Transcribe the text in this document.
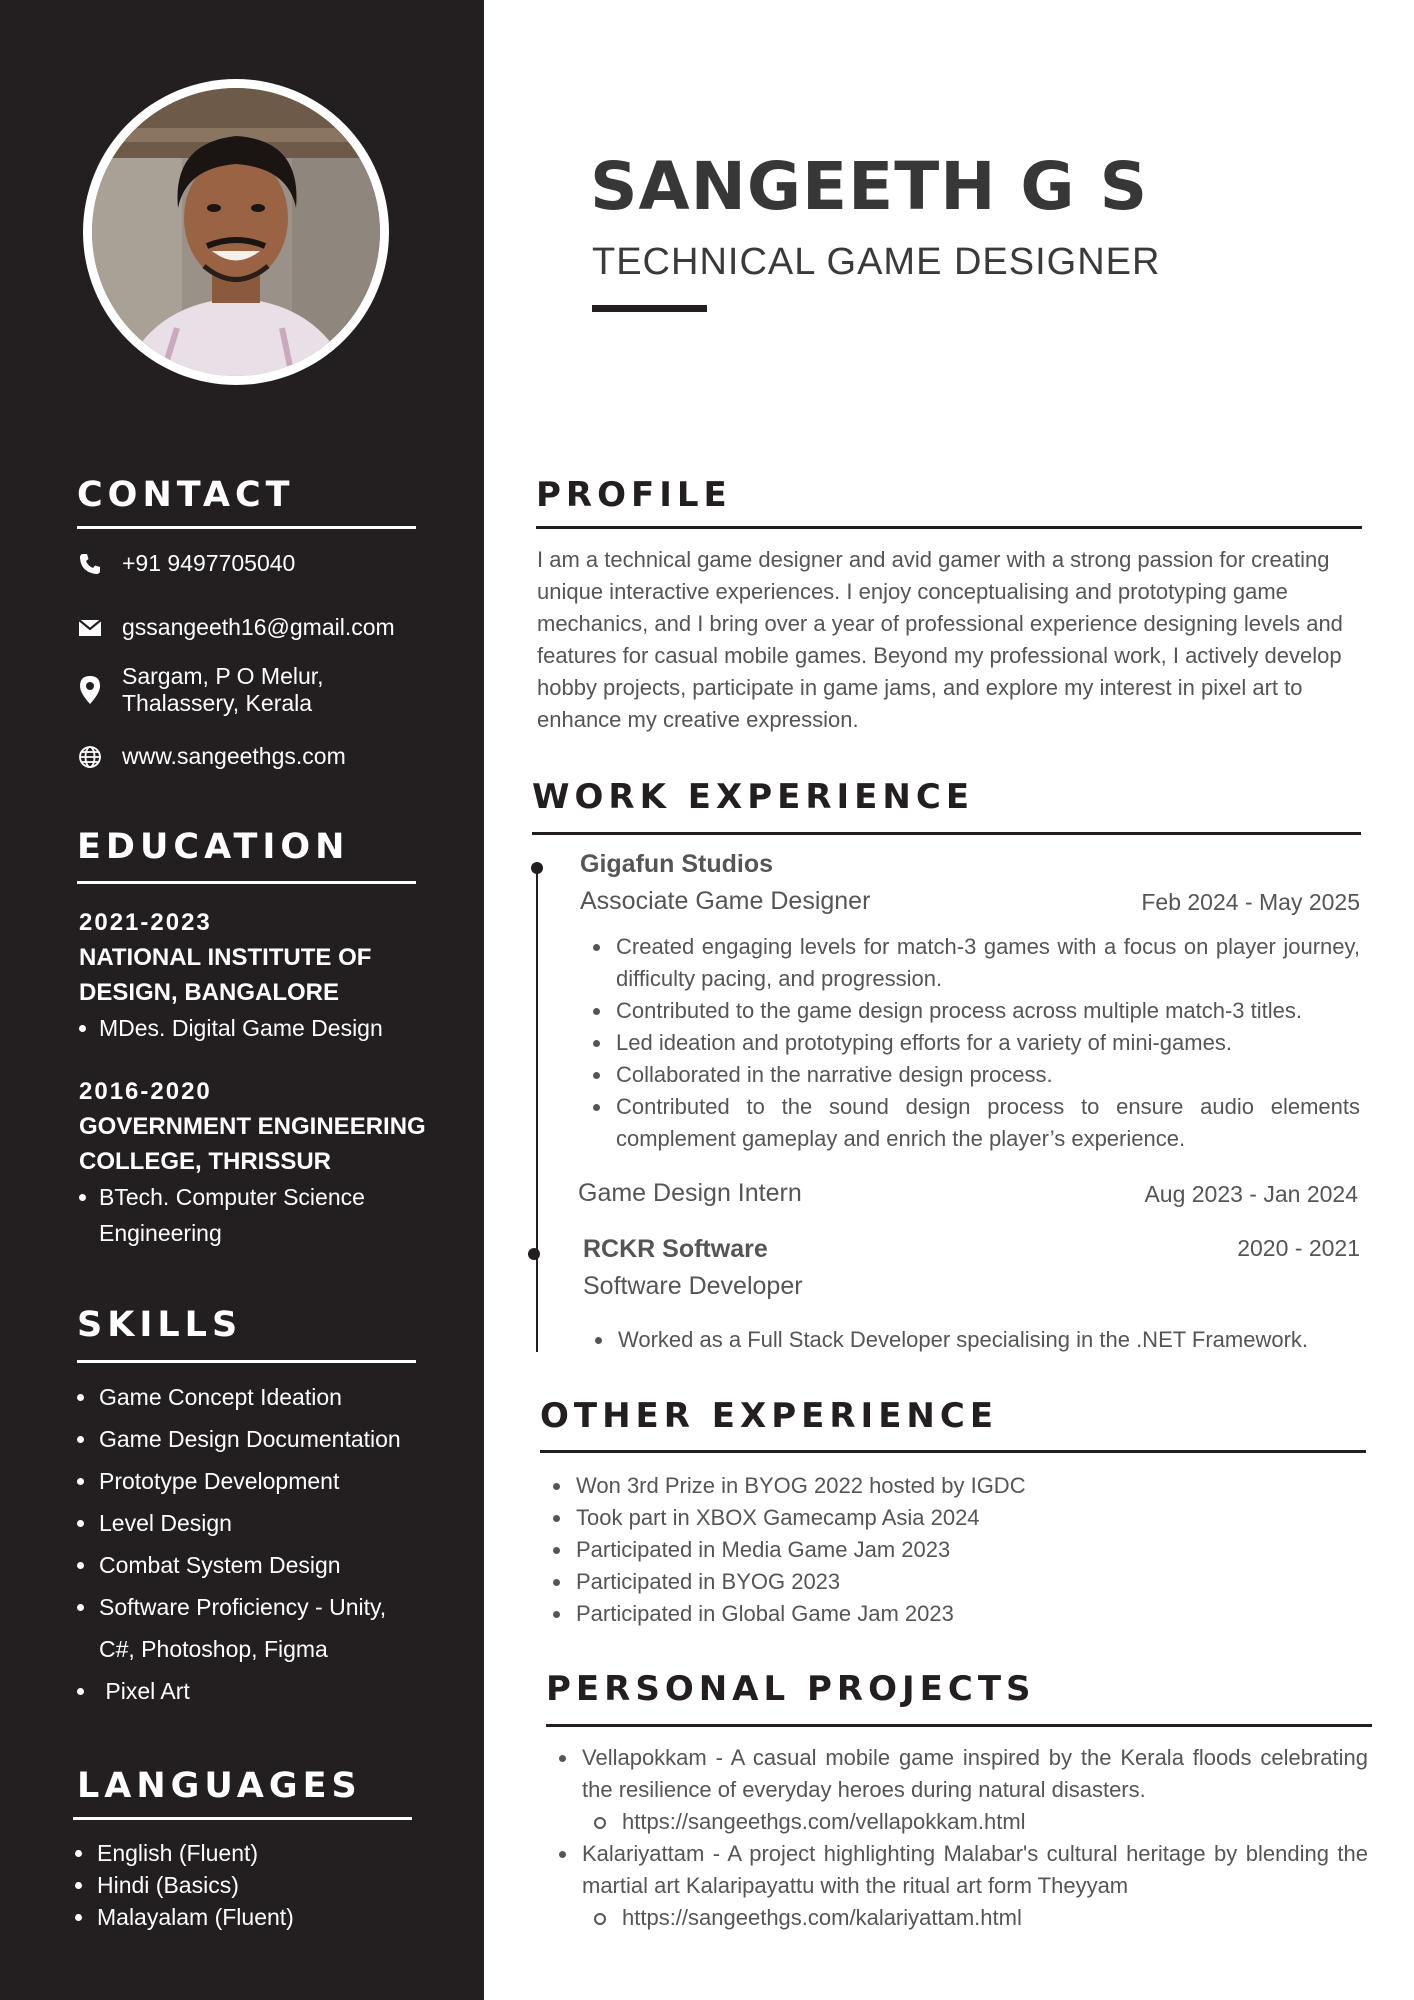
CONTACT
+91 9497705040
gssangeeth16@gmail.com
Sargam, P O Melur,
Thalassery, Kerala
www.sangeethgs.com
EDUCATION
2021-2023
NATIONAL INSTITUTE OF
DESIGN, BANGALORE
MDes. Digital Game Design
2016-2020
GOVERNMENT ENGINEERING
COLLEGE, THRISSUR
BTech. Computer Science
Engineering
SKILLS
Game Concept Ideation
Game Design Documentation
Prototype Development
Level Design
Combat System Design
Software Proficiency - Unity,
C#, Photoshop, Figma
Pixel Art
LANGUAGES
English (Fluent)
Hindi (Basics)
Malayalam (Fluent)
SANGEETH G S
TECHNICAL GAME DESIGNER
PROFILE

I am a technical game designer and avid gamer with a strong passion for creating unique interactive experiences. I enjoy conceptualising and prototyping game mechanics, and I bring over a year of professional experience designing levels and features for casual mobile games. Beyond my professional work, I actively develop hobby projects, participate in game jams, and explore my interest in pixel art to enhance my creative expression.

WORK EXPERIENCE
Gigafun Studios
Associate Game Designer	Feb 2024 - May 2025
Created engaging levels for match-3 games with a focus on player journey, difficulty pacing, and progression.
Contributed to the game design process across multiple match-3 titles.
Led ideation and prototyping efforts for a variety of mini-games.
Collaborated in the narrative design process.
Contributed to the sound design process to ensure audio elements complement gameplay and enrich the player’s experience.
Game Design Intern	Aug 2023 - Jan 2024
RCKR Software	2020 - 2021
Software Developer
Worked as a Full Stack Developer specialising in the .NET Framework.
OTHER EXPERIENCE
Won 3rd Prize in BYOG 2022 hosted by IGDC
Took part in XBOX Gamecamp Asia 2024
Participated in Media Game Jam 2023
Participated in BYOG 2023
Participated in Global Game Jam 2023
PERSONAL PROJECTS
Vellapokkam - A casual mobile game inspired by the Kerala floods celebrating the resilience of everyday heroes during natural disasters.
https://sangeethgs.com/vellapokkam.html
Kalariyattam - A project highlighting Malabar's cultural heritage by blending the martial art Kalaripayattu with the ritual art form Theyyam
https://sangeethgs.com/kalariyattam.html
